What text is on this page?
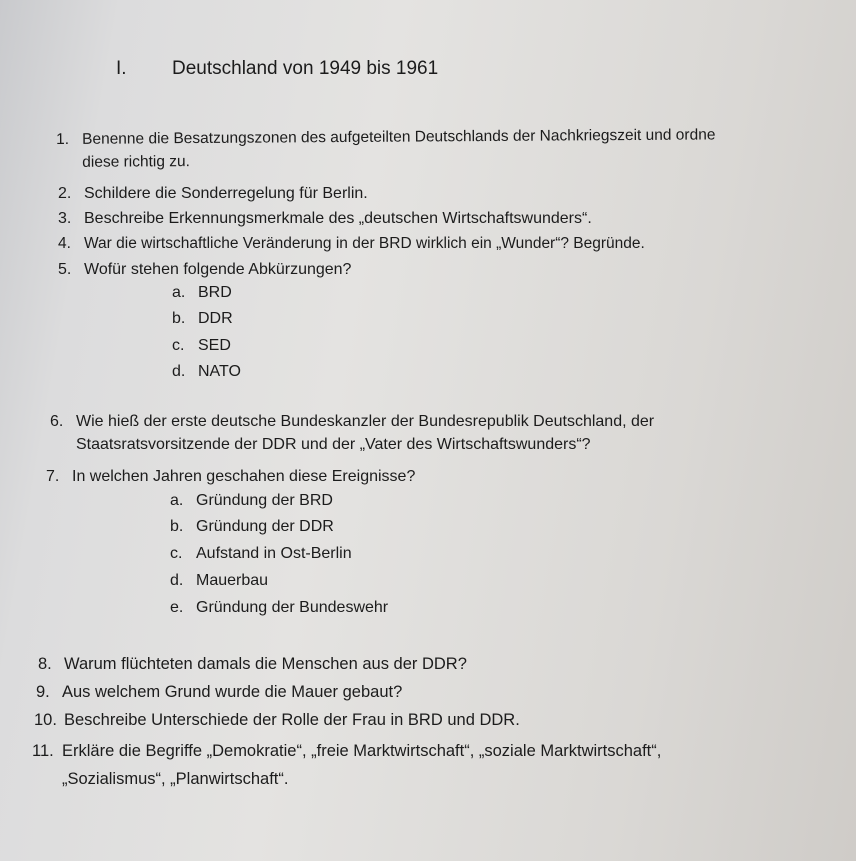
I. Deutschland von 1949 bis 1961
1. Benenne die Besatzungszonen des aufgeteilten Deutschlands der Nachkriegszeit und ordne
diese richtig zu.
2. Schildere die Sonderregelung für Berlin.
3. Beschreibe Erkennungsmerkmale des „deutschen Wirtschaftswunders“.
4. War die wirtschaftliche Veränderung in der BRD wirklich ein „Wunder“? Begründe.
5. Wofür stehen folgende Abkürzungen?
a. BRD
b. DDR
c. SED
d. NATO
6. Wie hieß der erste deutsche Bundeskanzler der Bundesrepublik Deutschland, der
Staatsratsvorsitzende der DDR und der „Vater des Wirtschaftswunders“?
7. In welchen Jahren geschahen diese Ereignisse?
a. Gründung der BRD
b. Gründung der DDR
c. Aufstand in Ost-Berlin
d. Mauerbau
e. Gründung der Bundeswehr
8. Warum flüchteten damals die Menschen aus der DDR?
9. Aus welchem Grund wurde die Mauer gebaut?
10. Beschreibe Unterschiede der Rolle der Frau in BRD und DDR.
11. Erkläre die Begriffe „Demokratie“, „freie Marktwirtschaft“, „soziale Marktwirtschaft“,
„Sozialismus“, „Planwirtschaft“.
